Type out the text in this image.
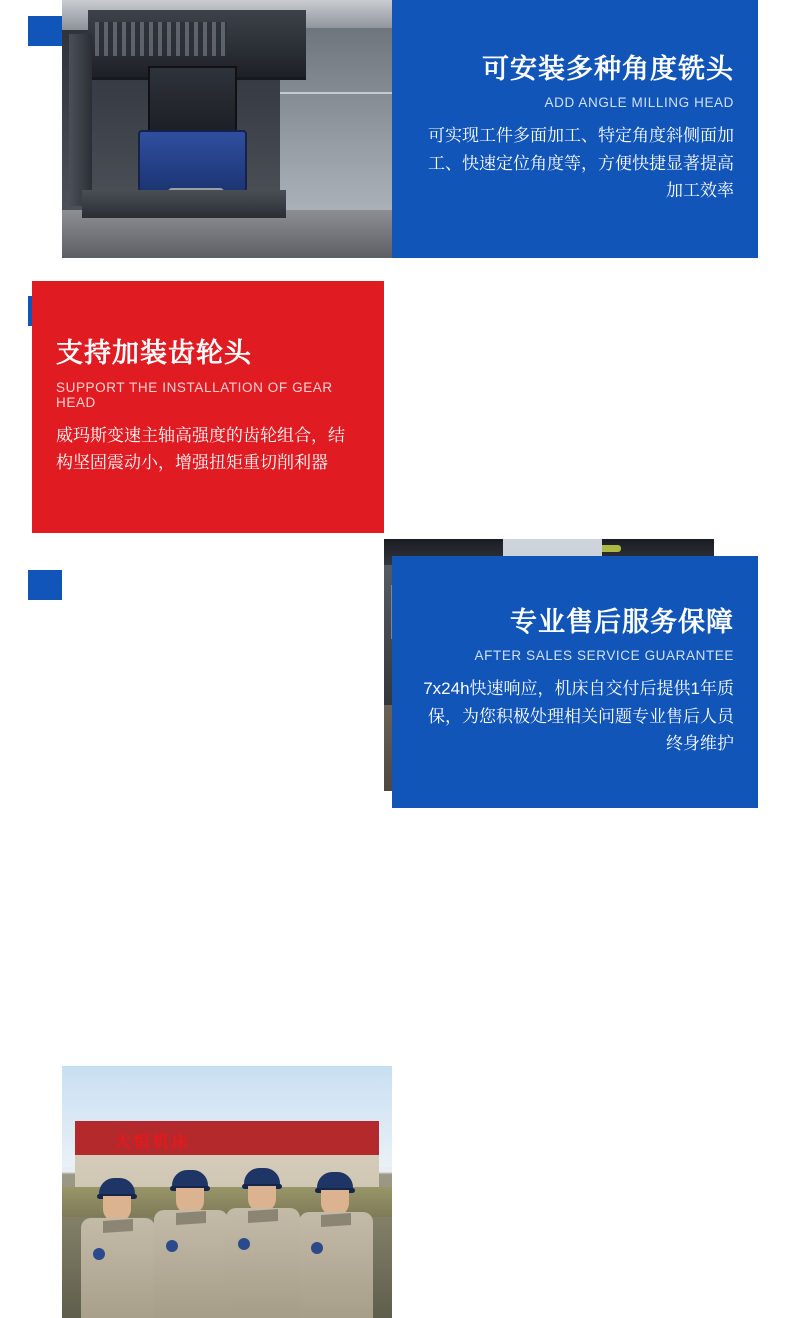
可安装多种角度铣头
ADD ANGLE MILLING HEAD
可实现工件多面加工、特定角度斜侧面加工、快速定位角度等，方便快捷显著提高加工效率
支持加装齿轮头
SUPPORT THE INSTALLATION OF GEAR HEAD
威玛斯变速主轴高强度的齿轮组合，结构坚固震动小，增强扭矩重切削利器
大恒机床
专业售后服务保障
AFTER SALES SERVICE GUARANTEE
7x24h快速响应，机床自交付后提供1年质保，为您积极处理相关问题专业售后人员终身维护
